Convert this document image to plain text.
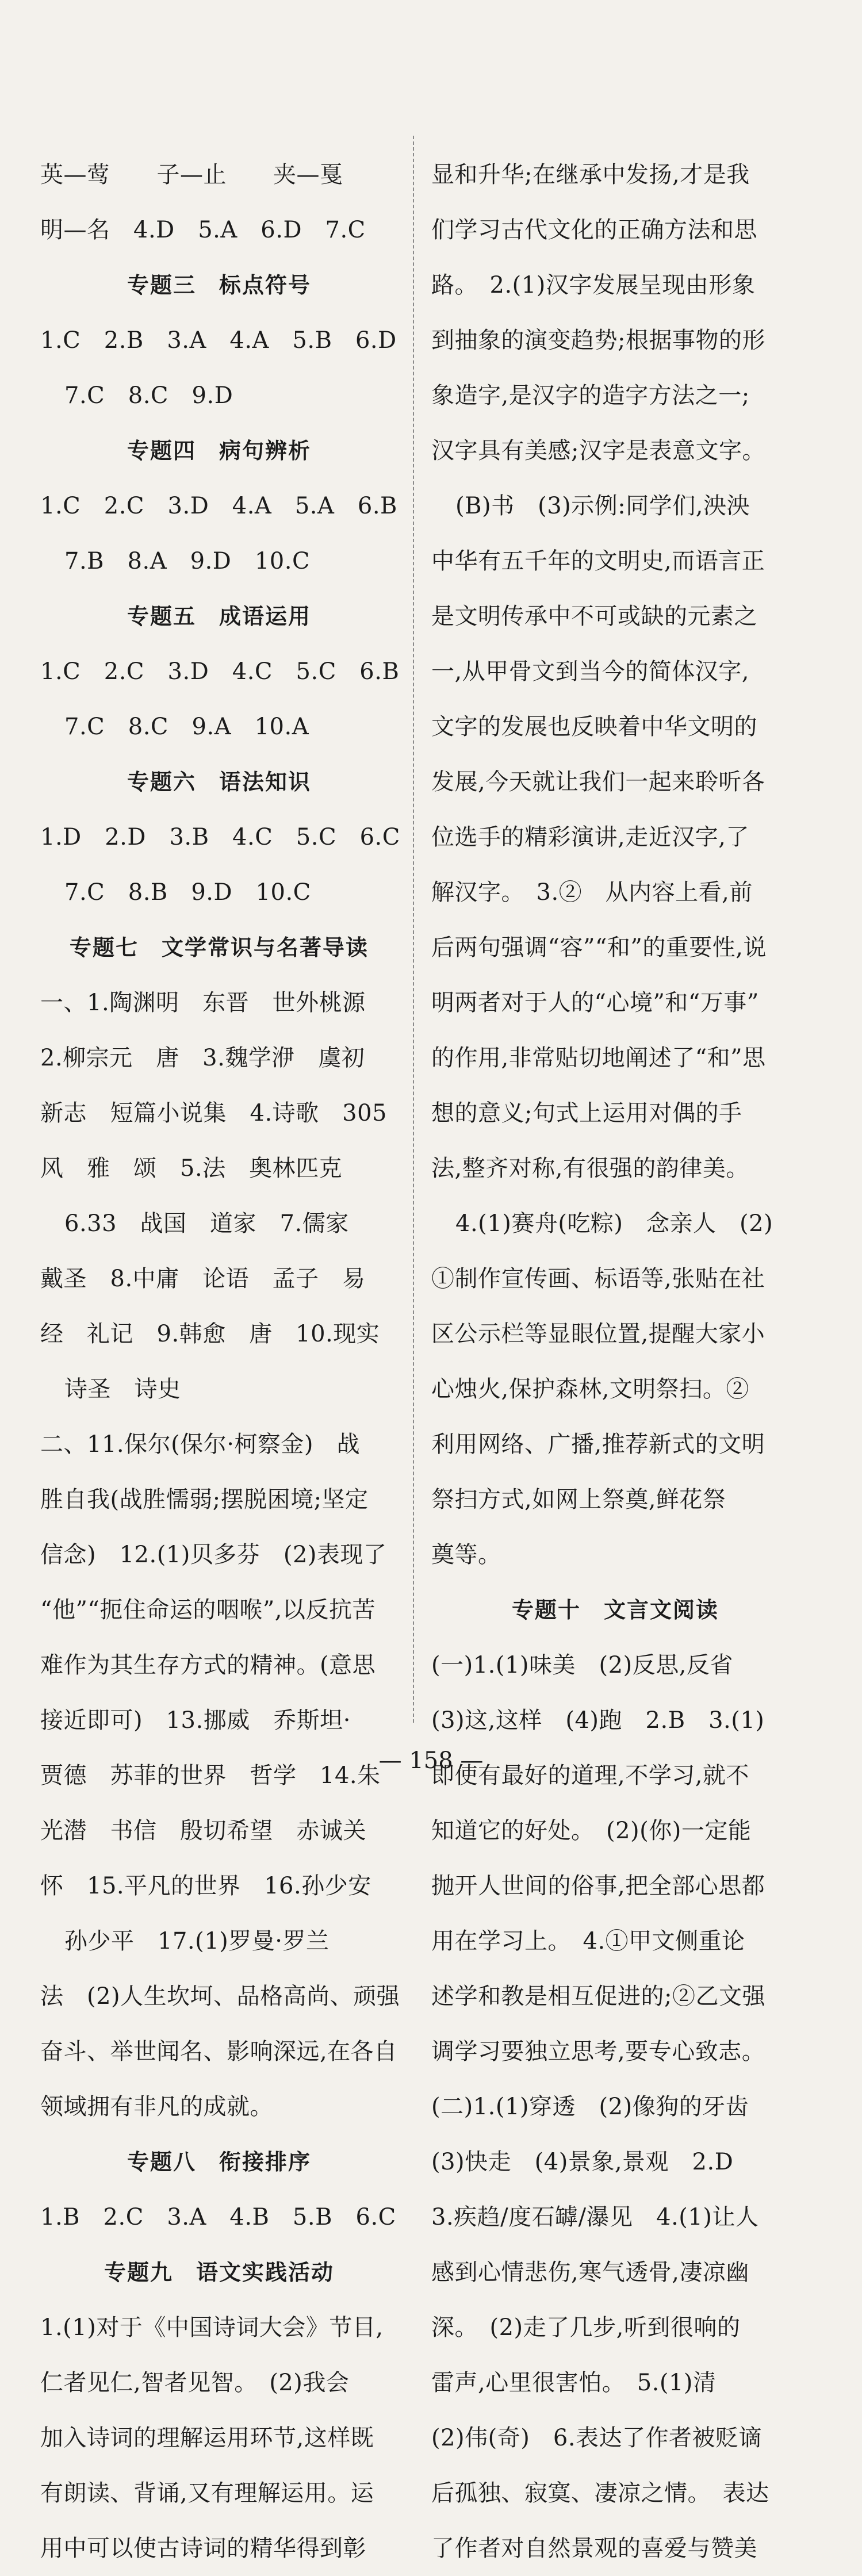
英—莺　　子—止　　夹—戛
明—名　4.D　5.A　6.D　7.C
专题三　标点符号
1.C　2.B　3.A　4.A　5.B　6.D
7.C　8.C　9.D
专题四　病句辨析
1.C　2.C　3.D　4.A　5.A　6.B
7.B　8.A　9.D　10.C
专题五　成语运用
1.C　2.C　3.D　4.C　5.C　6.B
7.C　8.C　9.A　10.A
专题六　语法知识
1.D　2.D　3.B　4.C　5.C　6.C
7.C　8.B　9.D　10.C
专题七　文学常识与名著导读
一、1.陶渊明　东晋　世外桃源
2.柳宗元　唐　3.魏学洢　虞初
新志　短篇小说集　4.诗歌　305
风　雅　颂　5.法　奥林匹克
6.33　战国　道家　7.儒家
戴圣　8.中庸　论语　孟子　易
经　礼记　9.韩愈　唐　10.现实
诗圣　诗史
二、11.保尔(保尔·柯察金)　战
胜自我(战胜懦弱;摆脱困境;坚定
信念)　12.(1)贝多芬　(2)表现了
“他”“扼住命运的咽喉”,以反抗苦
难作为其生存方式的精神。(意思
接近即可)　13.挪威　乔斯坦·
贾德　苏菲的世界　哲学　14.朱
光潜　书信　殷切希望　赤诚关
怀　15.平凡的世界　16.孙少安
孙少平　17.(1)罗曼·罗兰
法　(2)人生坎坷、品格高尚、顽强
奋斗、举世闻名、影响深远,在各自
领域拥有非凡的成就。
专题八　衔接排序
1.B　2.C　3.A　4.B　5.B　6.C
专题九　语文实践活动
1.(1)对于《中国诗词大会》节目,
仁者见仁,智者见智。　(2)我会
加入诗词的理解运用环节,这样既
有朗读、背诵,又有理解运用。运
用中可以使古诗词的精华得到彰
显和升华;在继承中发扬,才是我
们学习古代文化的正确方法和思
路。　2.(1)汉字发展呈现由形象
到抽象的演变趋势;根据事物的形
象造字,是汉字的造字方法之一;
汉字具有美感;汉字是表意文字。
(B)书　(3)示例:同学们,泱泱
中华有五千年的文明史,而语言正
是文明传承中不可或缺的元素之
一,从甲骨文到当今的简体汉字,
文字的发展也反映着中华文明的
发展,今天就让我们一起来聆听各
位选手的精彩演讲,走近汉字,了
解汉字。　3.②　从内容上看,前
后两句强调“容”“和”的重要性,说
明两者对于人的“心境”和“万事”
的作用,非常贴切地阐述了“和”思
想的意义;句式上运用对偶的手
法,整齐对称,有很强的韵律美。
4.(1)赛舟(吃粽)　念亲人　(2)
①制作宣传画、标语等,张贴在社
区公示栏等显眼位置,提醒大家小
心烛火,保护森林,文明祭扫。②
利用网络、广播,推荐新式的文明
祭扫方式,如网上祭奠,鲜花祭
奠等。
专题十　文言文阅读
(一)1.(1)味美　(2)反思,反省
(3)这,这样　(4)跑　2.B　3.(1)
即使有最好的道理,不学习,就不
知道它的好处。　(2)(你)一定能
抛开人世间的俗事,把全部心思都
用在学习上。　4.①甲文侧重论
述学和教是相互促进的;②乙文强
调学习要独立思考,要专心致志。
(二)1.(1)穿透　(2)像狗的牙齿
(3)快走　(4)景象,景观　2.D
3.疾趋/度石罅/瀑见　4.(1)让人
感到心情悲伤,寒气透骨,凄凉幽
深。　(2)走了几步,听到很响的
雷声,心里很害怕。　5.(1)清
(2)伟(奇)　6.表达了作者被贬谪
后孤独、寂寞、凄凉之情。　表达
了作者对自然景观的喜爱与赞美
— 158 —
